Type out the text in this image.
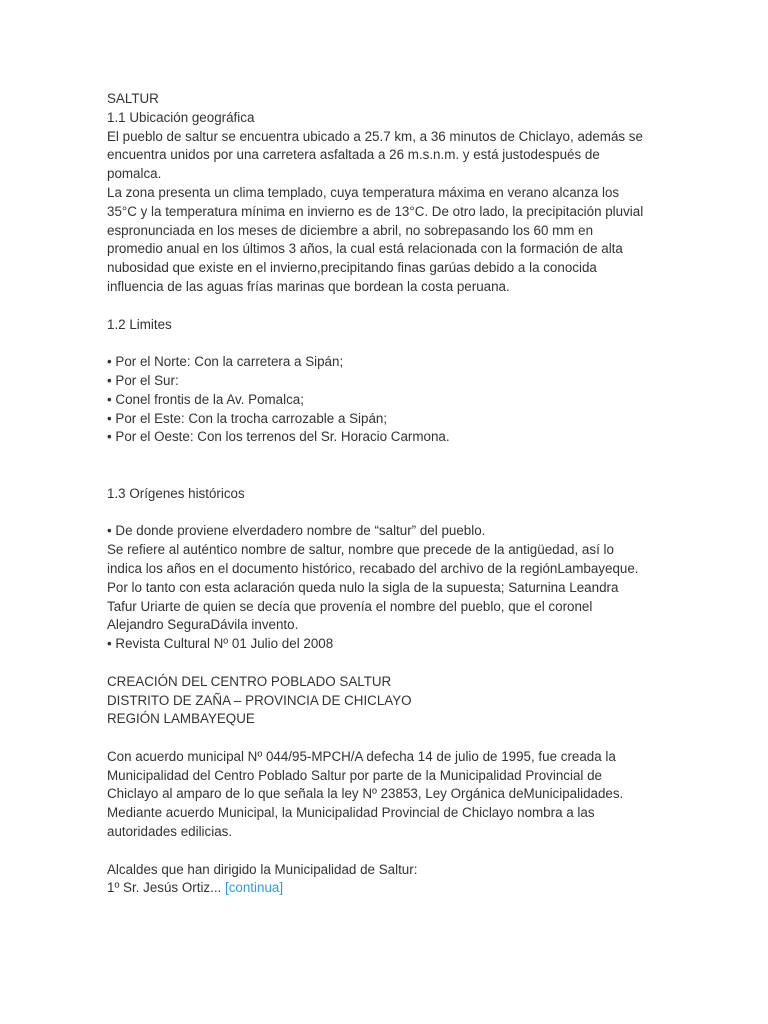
SALTUR
1.1 Ubicación geográfica
El pueblo de saltur se encuentra ubicado a 25.7 km, a 36 minutos de Chiclayo, además se
encuentra unidos por una carretera asfaltada a 26 m.s.n.m. y está justodespués de
pomalca.
La zona presenta un clima templado, cuya temperatura máxima en verano alcanza los
35°C y la temperatura mínima en invierno es de 13°C. De otro lado, la precipitación pluvial
espronunciada en los meses de diciembre a abril, no sobrepasando los 60 mm en
promedio anual en los últimos 3 años, la cual está relacionada con la formación de alta
nubosidad que existe en el invierno,precipitando finas garúas debido a la conocida
influencia de las aguas frías marinas que bordean la costa peruana.
1.2 Limites
• Por el Norte: Con la carretera a Sipán;
• Por el Sur:
• Conel frontis de la Av. Pomalca;
• Por el Este: Con la trocha carrozable a Sipán;
• Por el Oeste: Con los terrenos del Sr. Horacio Carmona.
1.3 Orígenes históricos
• De donde proviene elverdadero nombre de “saltur” del pueblo.
Se refiere al auténtico nombre de saltur, nombre que precede de la antigüedad, así lo
indica los años en el documento histórico, recabado del archivo de la regiónLambayeque.
Por lo tanto con esta aclaración queda nulo la sigla de la supuesta; Saturnina Leandra
Tafur Uriarte de quien se decía que provenía el nombre del pueblo, que el coronel
Alejandro SeguraDávila invento.
• Revista Cultural Nº 01 Julio del 2008
CREACIÓN DEL CENTRO POBLADO SALTUR
DISTRITO DE ZAÑA – PROVINCIA DE CHICLAYO
REGIÓN LAMBAYEQUE
Con acuerdo municipal Nº 044/95-MPCH/A defecha 14 de julio de 1995, fue creada la
Municipalidad del Centro Poblado Saltur por parte de la Municipalidad Provincial de
Chiclayo al amparo de lo que señala la ley Nº 23853, Ley Orgánica deMunicipalidades.
Mediante acuerdo Municipal, la Municipalidad Provincial de Chiclayo nombra a las
autoridades edilicias.
Alcaldes que han dirigido la Municipalidad de Saltur:
1º Sr. Jesús Ortiz... [continua]
